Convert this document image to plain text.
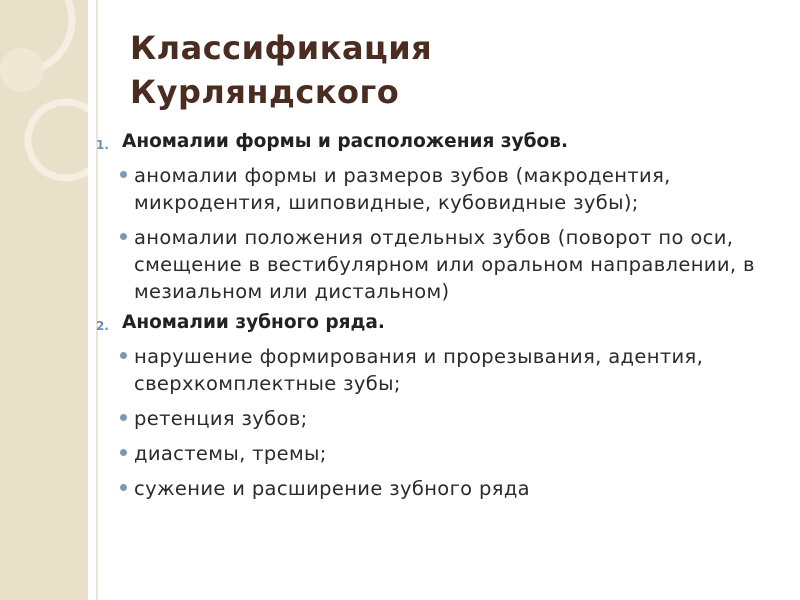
Классификация Курляндского
1. Аномалии формы и расположения зубов.
аномалии формы и размеров зубов (макродентия, микродентия, шиповидные, кубовидные зубы);
аномалии положения отдельных зубов (поворот по оси, смещение в вестибулярном или оральном направлении, в мезиальном или дистальном)
2. Аномалии зубного ряда.
нарушение формирования и прорезывания, адентия, сверхкомплектные зубы;
ретенция зубов;
диастемы, тремы;
сужение и расширение зубного ряда
